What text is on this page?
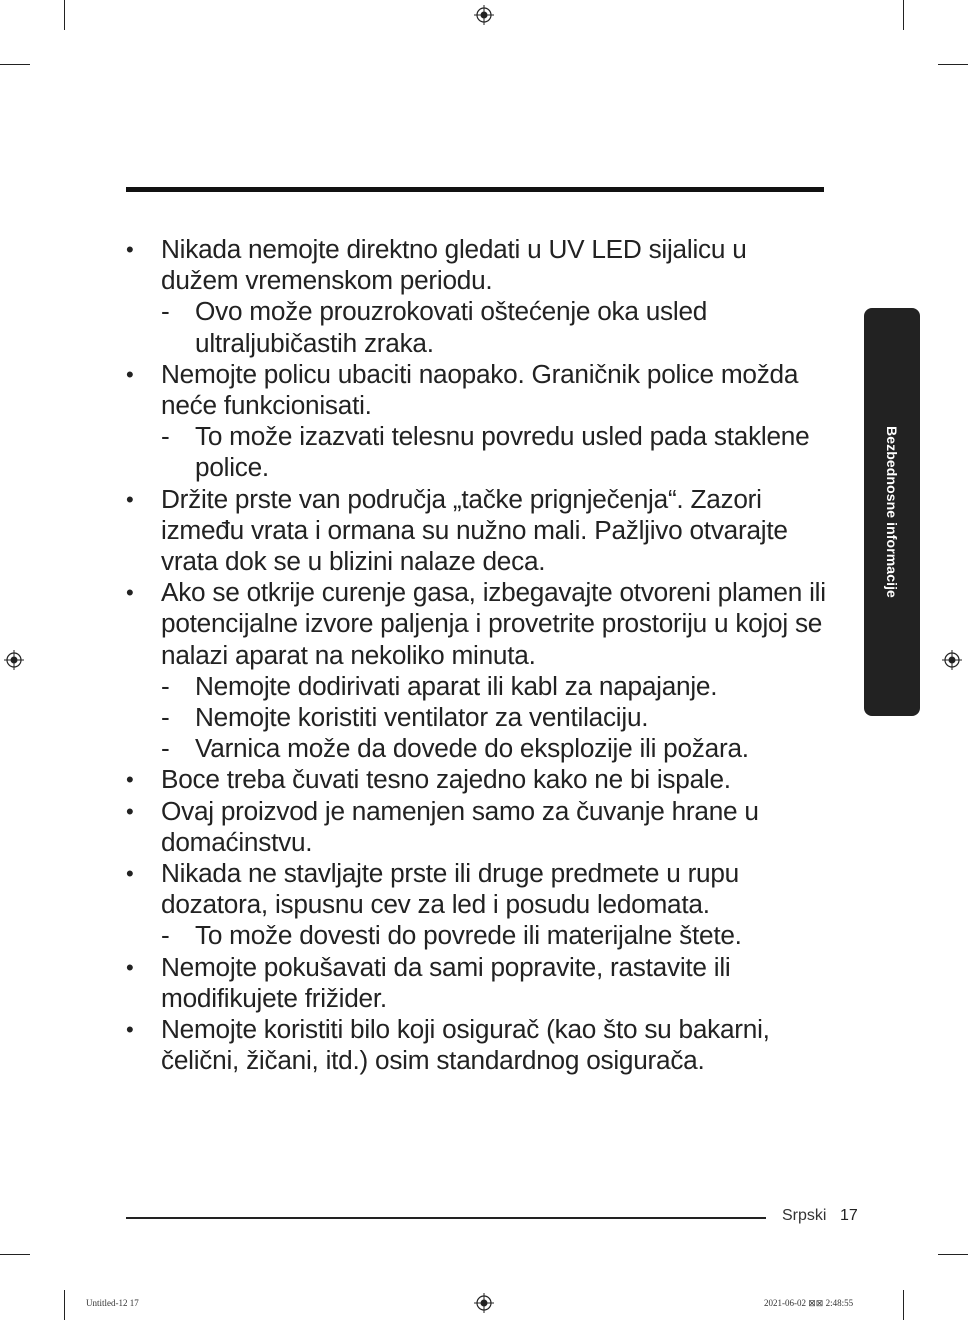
• Nikada nemojte direktno gledati u UV LED sijalicu u dužem vremenskom periodu.
- Ovo može prouzrokovati oštećenje oka usled ultraljubičastih zraka.
• Nemojte policu ubaciti naopako. Graničnik police možda neće funkcionisati.
- To može izazvati telesnu povredu usled pada staklene police.
• Držite prste van područja „tačke prignječenja“. Zazori između vrata i ormana su nužno mali. Pažljivo otvarajte vrata dok se u blizini nalaze deca.
• Ako se otkrije curenje gasa, izbegavajte otvoreni plamen ili potencijalne izvore paljenja i provetrite prostoriju u kojoj se nalazi aparat na nekoliko minuta.
- Nemojte dodirivati aparat ili kabl za napajanje.
- Nemojte koristiti ventilator za ventilaciju.
- Varnica može da dovede do eksplozije ili požara.
• Boce treba čuvati tesno zajedno kako ne bi ispale.
• Ovaj proizvod je namenjen samo za čuvanje hrane u domaćinstvu.
• Nikada ne stavljajte prste ili druge predmete u rupu dozatora, ispusnu cev za led i posudu ledomata.
- To može dovesti do povrede ili materijalne štete.
• Nemojte pokušavati da sami popravite, rastavite ili modifikujete frižider.
• Nemojte koristiti bilo koji osigurač (kao što su bakarni, čelični, žičani, itd.) osim standardnog osigurača.
Bezbednosne informacije
Srpski 17
Untitled-12 17	2021-06-02 ⊠⊠ 2:48:55
